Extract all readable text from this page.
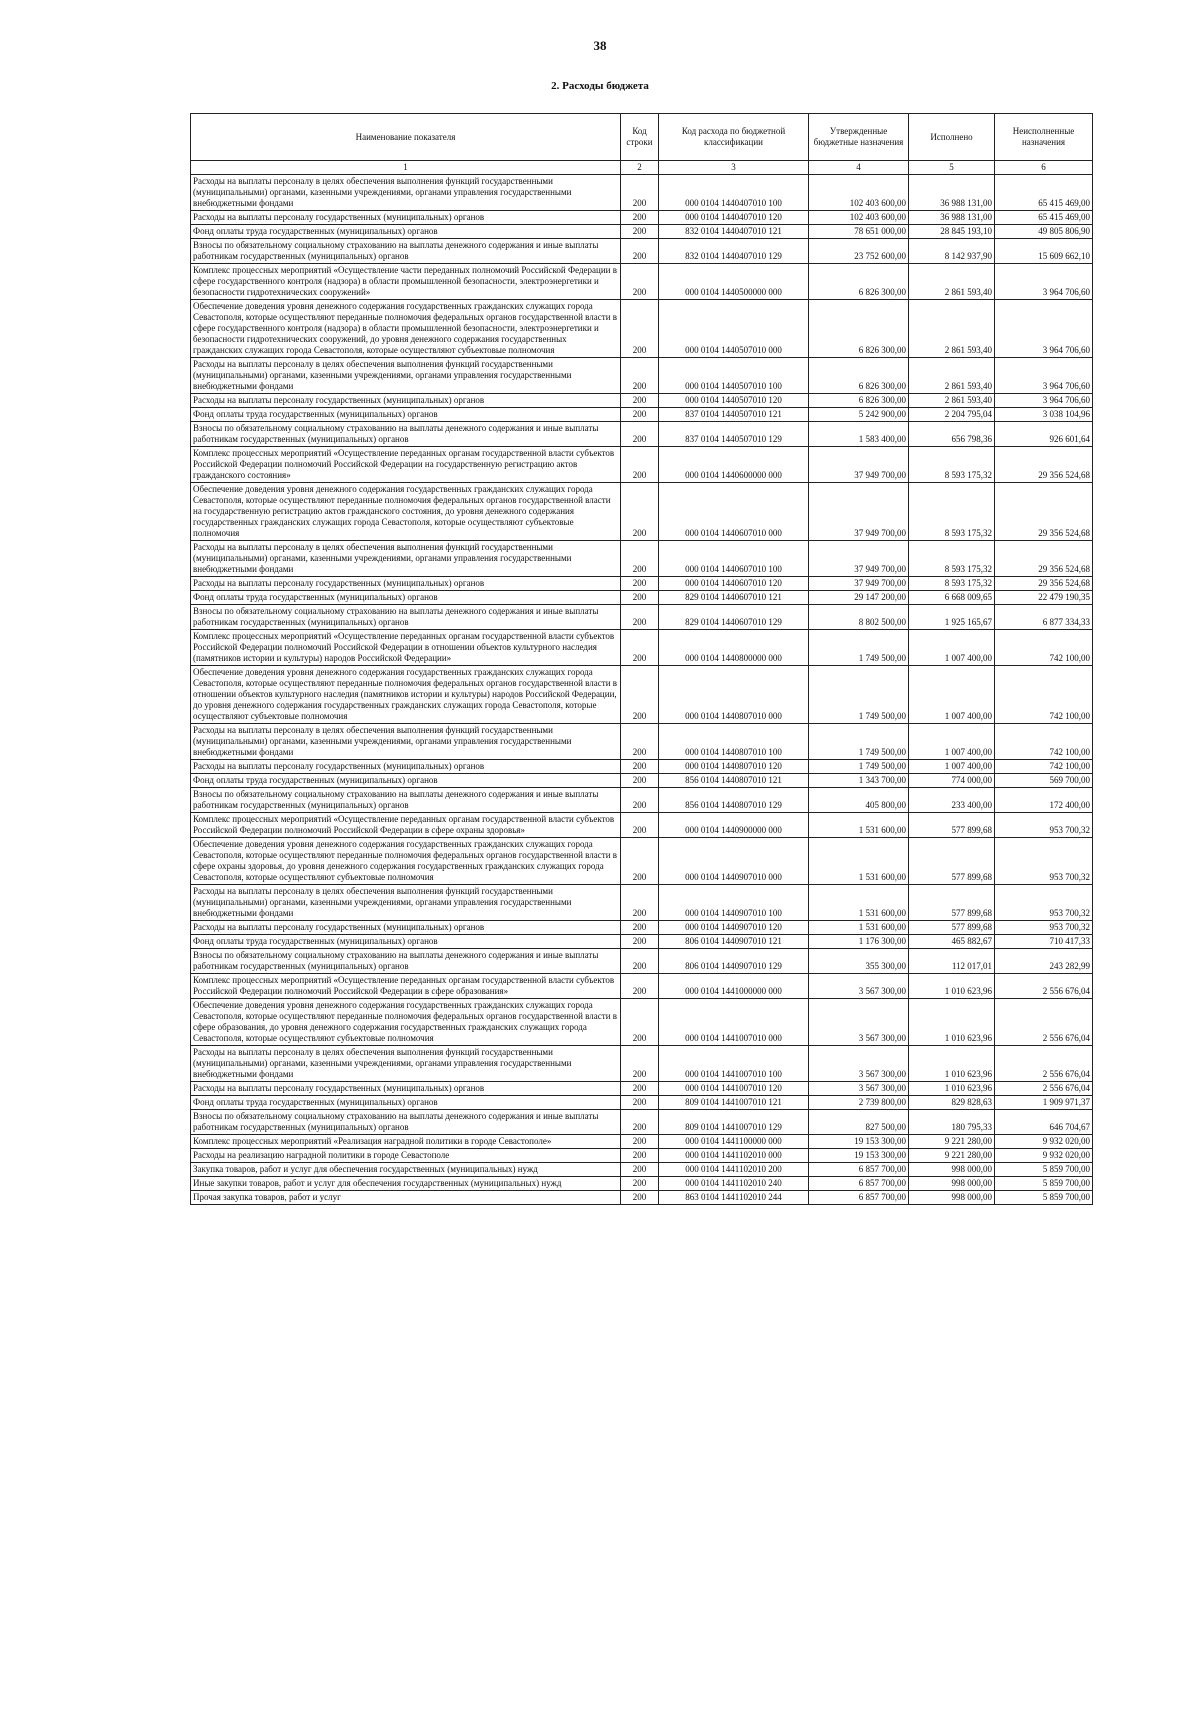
38
2. Расходы бюджета
Наименование показателя	Код строки	Код расхода по бюджетной классификации	Утвержденные бюджетные назначения	Исполнено	Неисполненные назначения
1	2	3	4	5	6
Расходы на выплаты персоналу в целях обеспечения выполнения функций государственными (муниципальными) органами, казенными учреждениями, органами управления государственными внебюджетными фондами	200	000 0104 1440407010 100	102 403 600,00	36 988 131,00	65 415 469,00
Расходы на выплаты персоналу государственных (муниципальных) органов	200	000 0104 1440407010 120	102 403 600,00	36 988 131,00	65 415 469,00
Фонд оплаты труда государственных (муниципальных) органов	200	832 0104 1440407010 121	78 651 000,00	28 845 193,10	49 805 806,90
Взносы по обязательному социальному страхованию на выплаты денежного содержания и иные выплаты работникам государственных (муниципальных) органов	200	832 0104 1440407010 129	23 752 600,00	8 142 937,90	15 609 662,10
Комплекс процессных мероприятий «Осуществление части переданных полномочий Российской Федерации в сфере государственного контроля (надзора) в области промышленной безопасности, электроэнергетики и безопасности гидротехнических сооружений»	200	000 0104 1440500000 000	6 826 300,00	2 861 593,40	3 964 706,60
Обеспечение доведения уровня денежного содержания государственных гражданских служащих города Севастополя, которые осуществляют переданные полномочия федеральных органов государственной власти в сфере государственного контроля (надзора) в области промышленной безопасности, электроэнергетики и безопасности гидротехнических сооружений, до уровня денежного содержания государственных гражданских служащих города Севастополя, которые осуществляют субъектовые полномочия	200	000 0104 1440507010 000	6 826 300,00	2 861 593,40	3 964 706,60
Расходы на выплаты персоналу в целях обеспечения выполнения функций государственными (муниципальными) органами, казенными учреждениями, органами управления государственными внебюджетными фондами	200	000 0104 1440507010 100	6 826 300,00	2 861 593,40	3 964 706,60
Расходы на выплаты персоналу государственных (муниципальных) органов	200	000 0104 1440507010 120	6 826 300,00	2 861 593,40	3 964 706,60
Фонд оплаты труда государственных (муниципальных) органов	200	837 0104 1440507010 121	5 242 900,00	2 204 795,04	3 038 104,96
Взносы по обязательному социальному страхованию на выплаты денежного содержания и иные выплаты работникам государственных (муниципальных) органов	200	837 0104 1440507010 129	1 583 400,00	656 798,36	926 601,64
Комплекс процессных мероприятий «Осуществление переданных органам государственной власти субъектов Российской Федерации полномочий Российской Федерации на государственную регистрацию актов гражданского состояния»	200	000 0104 1440600000 000	37 949 700,00	8 593 175,32	29 356 524,68
Обеспечение доведения уровня денежного содержания государственных гражданских служащих города Севастополя, которые осуществляют переданные полномочия федеральных органов государственной власти на государственную регистрацию актов гражданского состояния, до уровня денежного содержания государственных гражданских служащих города Севастополя, которые осуществляют субъектовые полномочия	200	000 0104 1440607010 000	37 949 700,00	8 593 175,32	29 356 524,68
Расходы на выплаты персоналу в целях обеспечения выполнения функций государственными (муниципальными) органами, казенными учреждениями, органами управления государственными внебюджетными фондами	200	000 0104 1440607010 100	37 949 700,00	8 593 175,32	29 356 524,68
Расходы на выплаты персоналу государственных (муниципальных) органов	200	000 0104 1440607010 120	37 949 700,00	8 593 175,32	29 356 524,68
Фонд оплаты труда государственных (муниципальных) органов	200	829 0104 1440607010 121	29 147 200,00	6 668 009,65	22 479 190,35
Взносы по обязательному социальному страхованию на выплаты денежного содержания и иные выплаты работникам государственных (муниципальных) органов	200	829 0104 1440607010 129	8 802 500,00	1 925 165,67	6 877 334,33
Комплекс процессных мероприятий «Осуществление переданных органам государственной власти субъектов Российской Федерации полномочий Российской Федерации в отношении объектов культурного наследия (памятников истории и культуры) народов Российской Федерации»	200	000 0104 1440800000 000	1 749 500,00	1 007 400,00	742 100,00
Обеспечение доведения уровня денежного содержания государственных гражданских служащих города Севастополя, которые осуществляют переданные полномочия федеральных органов государственной власти в отношении объектов культурного наследия (памятников истории и культуры) народов Российской Федерации, до уровня денежного содержания государственных гражданских служащих города Севастополя, которые осуществляют субъектовые полномочия	200	000 0104 1440807010 000	1 749 500,00	1 007 400,00	742 100,00
Расходы на выплаты персоналу в целях обеспечения выполнения функций государственными (муниципальными) органами, казенными учреждениями, органами управления государственными внебюджетными фондами	200	000 0104 1440807010 100	1 749 500,00	1 007 400,00	742 100,00
Расходы на выплаты персоналу государственных (муниципальных) органов	200	000 0104 1440807010 120	1 749 500,00	1 007 400,00	742 100,00
Фонд оплаты труда государственных (муниципальных) органов	200	856 0104 1440807010 121	1 343 700,00	774 000,00	569 700,00
Взносы по обязательному социальному страхованию на выплаты денежного содержания и иные выплаты работникам государственных (муниципальных) органов	200	856 0104 1440807010 129	405 800,00	233 400,00	172 400,00
Комплекс процессных мероприятий «Осуществление переданных органам государственной власти субъектов Российской Федерации полномочий Российской Федерации в сфере охраны здоровья»	200	000 0104 1440900000 000	1 531 600,00	577 899,68	953 700,32
Обеспечение доведения уровня денежного содержания государственных гражданских служащих города Севастополя, которые осуществляют переданные полномочия федеральных органов государственной власти в сфере охраны здоровья, до уровня денежного содержания государственных гражданских служащих города Севастополя, которые осуществляют субъектовые полномочия	200	000 0104 1440907010 000	1 531 600,00	577 899,68	953 700,32
Расходы на выплаты персоналу в целях обеспечения выполнения функций государственными (муниципальными) органами, казенными учреждениями, органами управления государственными внебюджетными фондами	200	000 0104 1440907010 100	1 531 600,00	577 899,68	953 700,32
Расходы на выплаты персоналу государственных (муниципальных) органов	200	000 0104 1440907010 120	1 531 600,00	577 899,68	953 700,32
Фонд оплаты труда государственных (муниципальных) органов	200	806 0104 1440907010 121	1 176 300,00	465 882,67	710 417,33
Взносы по обязательному социальному страхованию на выплаты денежного содержания и иные выплаты работникам государственных (муниципальных) органов	200	806 0104 1440907010 129	355 300,00	112 017,01	243 282,99
Комплекс процессных мероприятий «Осуществление переданных органам государственной власти субъектов Российской Федерации полномочий Российской Федерации в сфере образования»	200	000 0104 1441000000 000	3 567 300,00	1 010 623,96	2 556 676,04
Обеспечение доведения уровня денежного содержания государственных гражданских служащих города Севастополя, которые осуществляют переданные полномочия федеральных органов государственной власти в сфере образования, до уровня денежного содержания государственных гражданских служащих города Севастополя, которые осуществляют субъектовые полномочия	200	000 0104 1441007010 000	3 567 300,00	1 010 623,96	2 556 676,04
Расходы на выплаты персоналу в целях обеспечения выполнения функций государственными (муниципальными) органами, казенными учреждениями, органами управления государственными внебюджетными фондами	200	000 0104 1441007010 100	3 567 300,00	1 010 623,96	2 556 676,04
Расходы на выплаты персоналу государственных (муниципальных) органов	200	000 0104 1441007010 120	3 567 300,00	1 010 623,96	2 556 676,04
Фонд оплаты труда государственных (муниципальных) органов	200	809 0104 1441007010 121	2 739 800,00	829 828,63	1 909 971,37
Взносы по обязательному социальному страхованию на выплаты денежного содержания и иные выплаты работникам государственных (муниципальных) органов	200	809 0104 1441007010 129	827 500,00	180 795,33	646 704,67
Комплекс процессных мероприятий «Реализация наградной политики в городе Севастополе»	200	000 0104 1441100000 000	19 153 300,00	9 221 280,00	9 932 020,00
Расходы на реализацию наградной политики в городе Севастополе	200	000 0104 1441102010 000	19 153 300,00	9 221 280,00	9 932 020,00
Закупка товаров, работ и услуг для обеспечения государственных (муниципальных) нужд	200	000 0104 1441102010 200	6 857 700,00	998 000,00	5 859 700,00
Иные закупки товаров, работ и услуг для обеспечения государственных (муниципальных) нужд	200	000 0104 1441102010 240	6 857 700,00	998 000,00	5 859 700,00
Прочая закупка товаров, работ и услуг	200	863 0104 1441102010 244	6 857 700,00	998 000,00	5 859 700,00
